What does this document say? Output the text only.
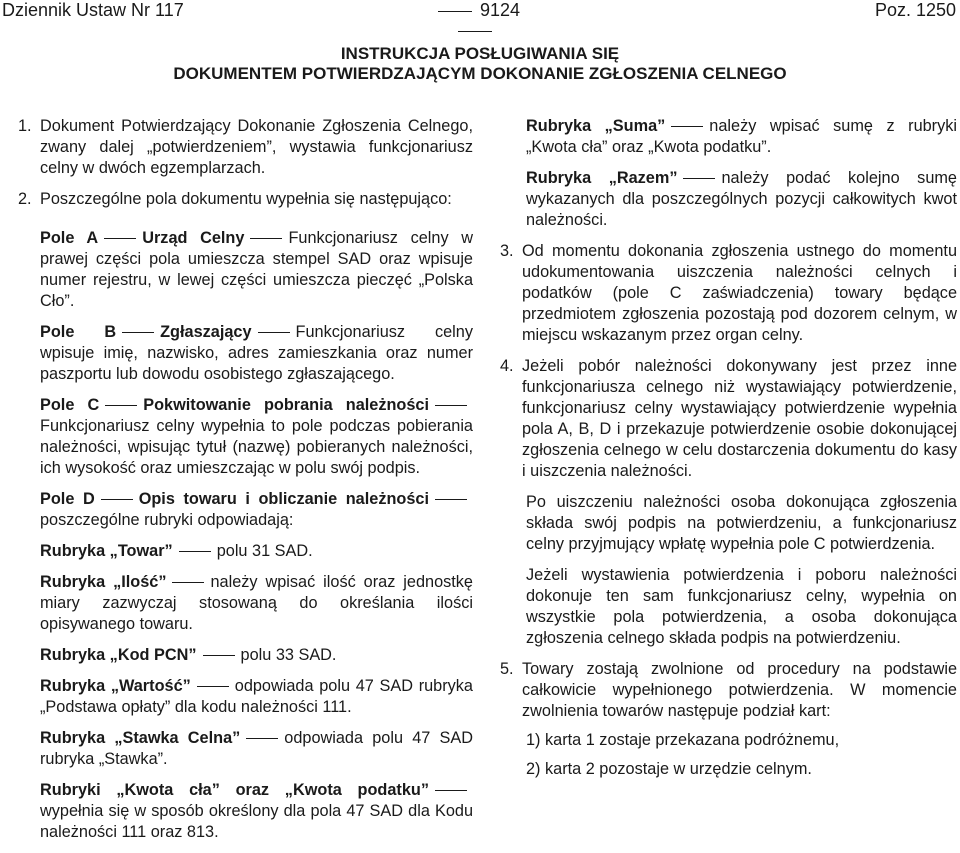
Dziennik Ustaw Nr 117	9124	Poz. 1250
INSTRUKCJA POSŁUGIWANIA SIĘ
DOKUMENTEM POTWIERDZAJĄCYM DOKONANIE ZGŁOSZENIA CELNEGO
1. Dokument Potwierdzający Dokonanie Zgłoszenia Celnego, zwany dalej „potwierdzeniem”, wystawia funkcjonariusz celny w dwóch egzemplarzach.
2. Poszczególne pola dokumentu wypełnia się następująco:
Pole A	Urząd Celny	Funkcjonariusz celny w prawej części pola umieszcza stempel SAD oraz wpisuje numer rejestru, w lewej części umieszcza pieczęć „Polska Cło”.
Pole B	Zgłaszający	Funkcjonariusz celny wpisuje imię, nazwisko, adres zamieszkania oraz numer paszportu lub dowodu osobistego zgłaszającego.
Pole C	Pokwitowanie pobrania należnościFunkcjonariusz celny wypełnia to pole podczas pobierania należności, wpisując tytuł (nazwę) pobieranych należności, ich wysokość oraz umieszczając w polu swój podpis.
Pole D	Opis towaru i obliczanie należnościposzczególne rubryki odpowiadają:
Rubryka „Towar”	polu 31 SAD.
Rubryka „Ilość”	należy wpisać ilość oraz jednostkę miary zazwyczaj stosowaną do określania ilości opisywanego towaru.
Rubryka „Kod PCN”	polu 33 SAD.
Rubryka „Wartość”	odpowiada polu 47 SAD rubryka „Podstawa opłaty” dla kodu należności 111.
Rubryka „Stawka Celna”	odpowiada polu 47 SAD rubryka „Stawka”.
Rubryki „Kwota cła” oraz „Kwota podatku”wypełnia się w sposób określony dla pola 47 SAD dla Kodu należności 111 oraz 813.
Rubryka „Suma”	należy wpisać sumę z rubryki „Kwota cła” oraz „Kwota podatku”.
Rubryka „Razem”	należy podać kolejno sumę wykazanych dla poszczególnych pozycji całkowitych kwot należności.
3. Od momentu dokonania zgłoszenia ustnego do momentu udokumentowania uiszczenia należności celnych i podatków (pole C zaświadczenia) towary będące przedmiotem zgłoszenia pozostają pod dozorem celnym, w miejscu wskazanym przez organ celny.
4. Jeżeli pobór należności dokonywany jest przez inne funkcjonariusza celnego niż wystawiający potwierdzenie, funkcjonariusz celny wystawiający potwierdzenie wypełnia pola A, B, D i przekazuje potwierdzenie osobie dokonującej zgłoszenia celnego w celu dostarczenia dokumentu do kasy i uiszczenia należności.
Po uiszczeniu należności osoba dokonująca zgłoszenia składa swój podpis na potwierdzeniu, a funkcjonariusz celny przyjmujący wpłatę wypełnia pole C potwierdzenia.
Jeżeli wystawienia potwierdzenia i poboru należności dokonuje ten sam funkcjonariusz celny, wypełnia on wszystkie pola potwierdzenia, a osoba dokonująca zgłoszenia celnego składa podpis na potwierdzeniu.
5. Towary zostają zwolnione od procedury na podstawie całkowicie wypełnionego potwierdzenia. W momencie zwolnienia towarów następuje podział kart:
1) karta 1 zostaje przekazana podróżnemu,
2) karta 2 pozostaje w urzędzie celnym.
